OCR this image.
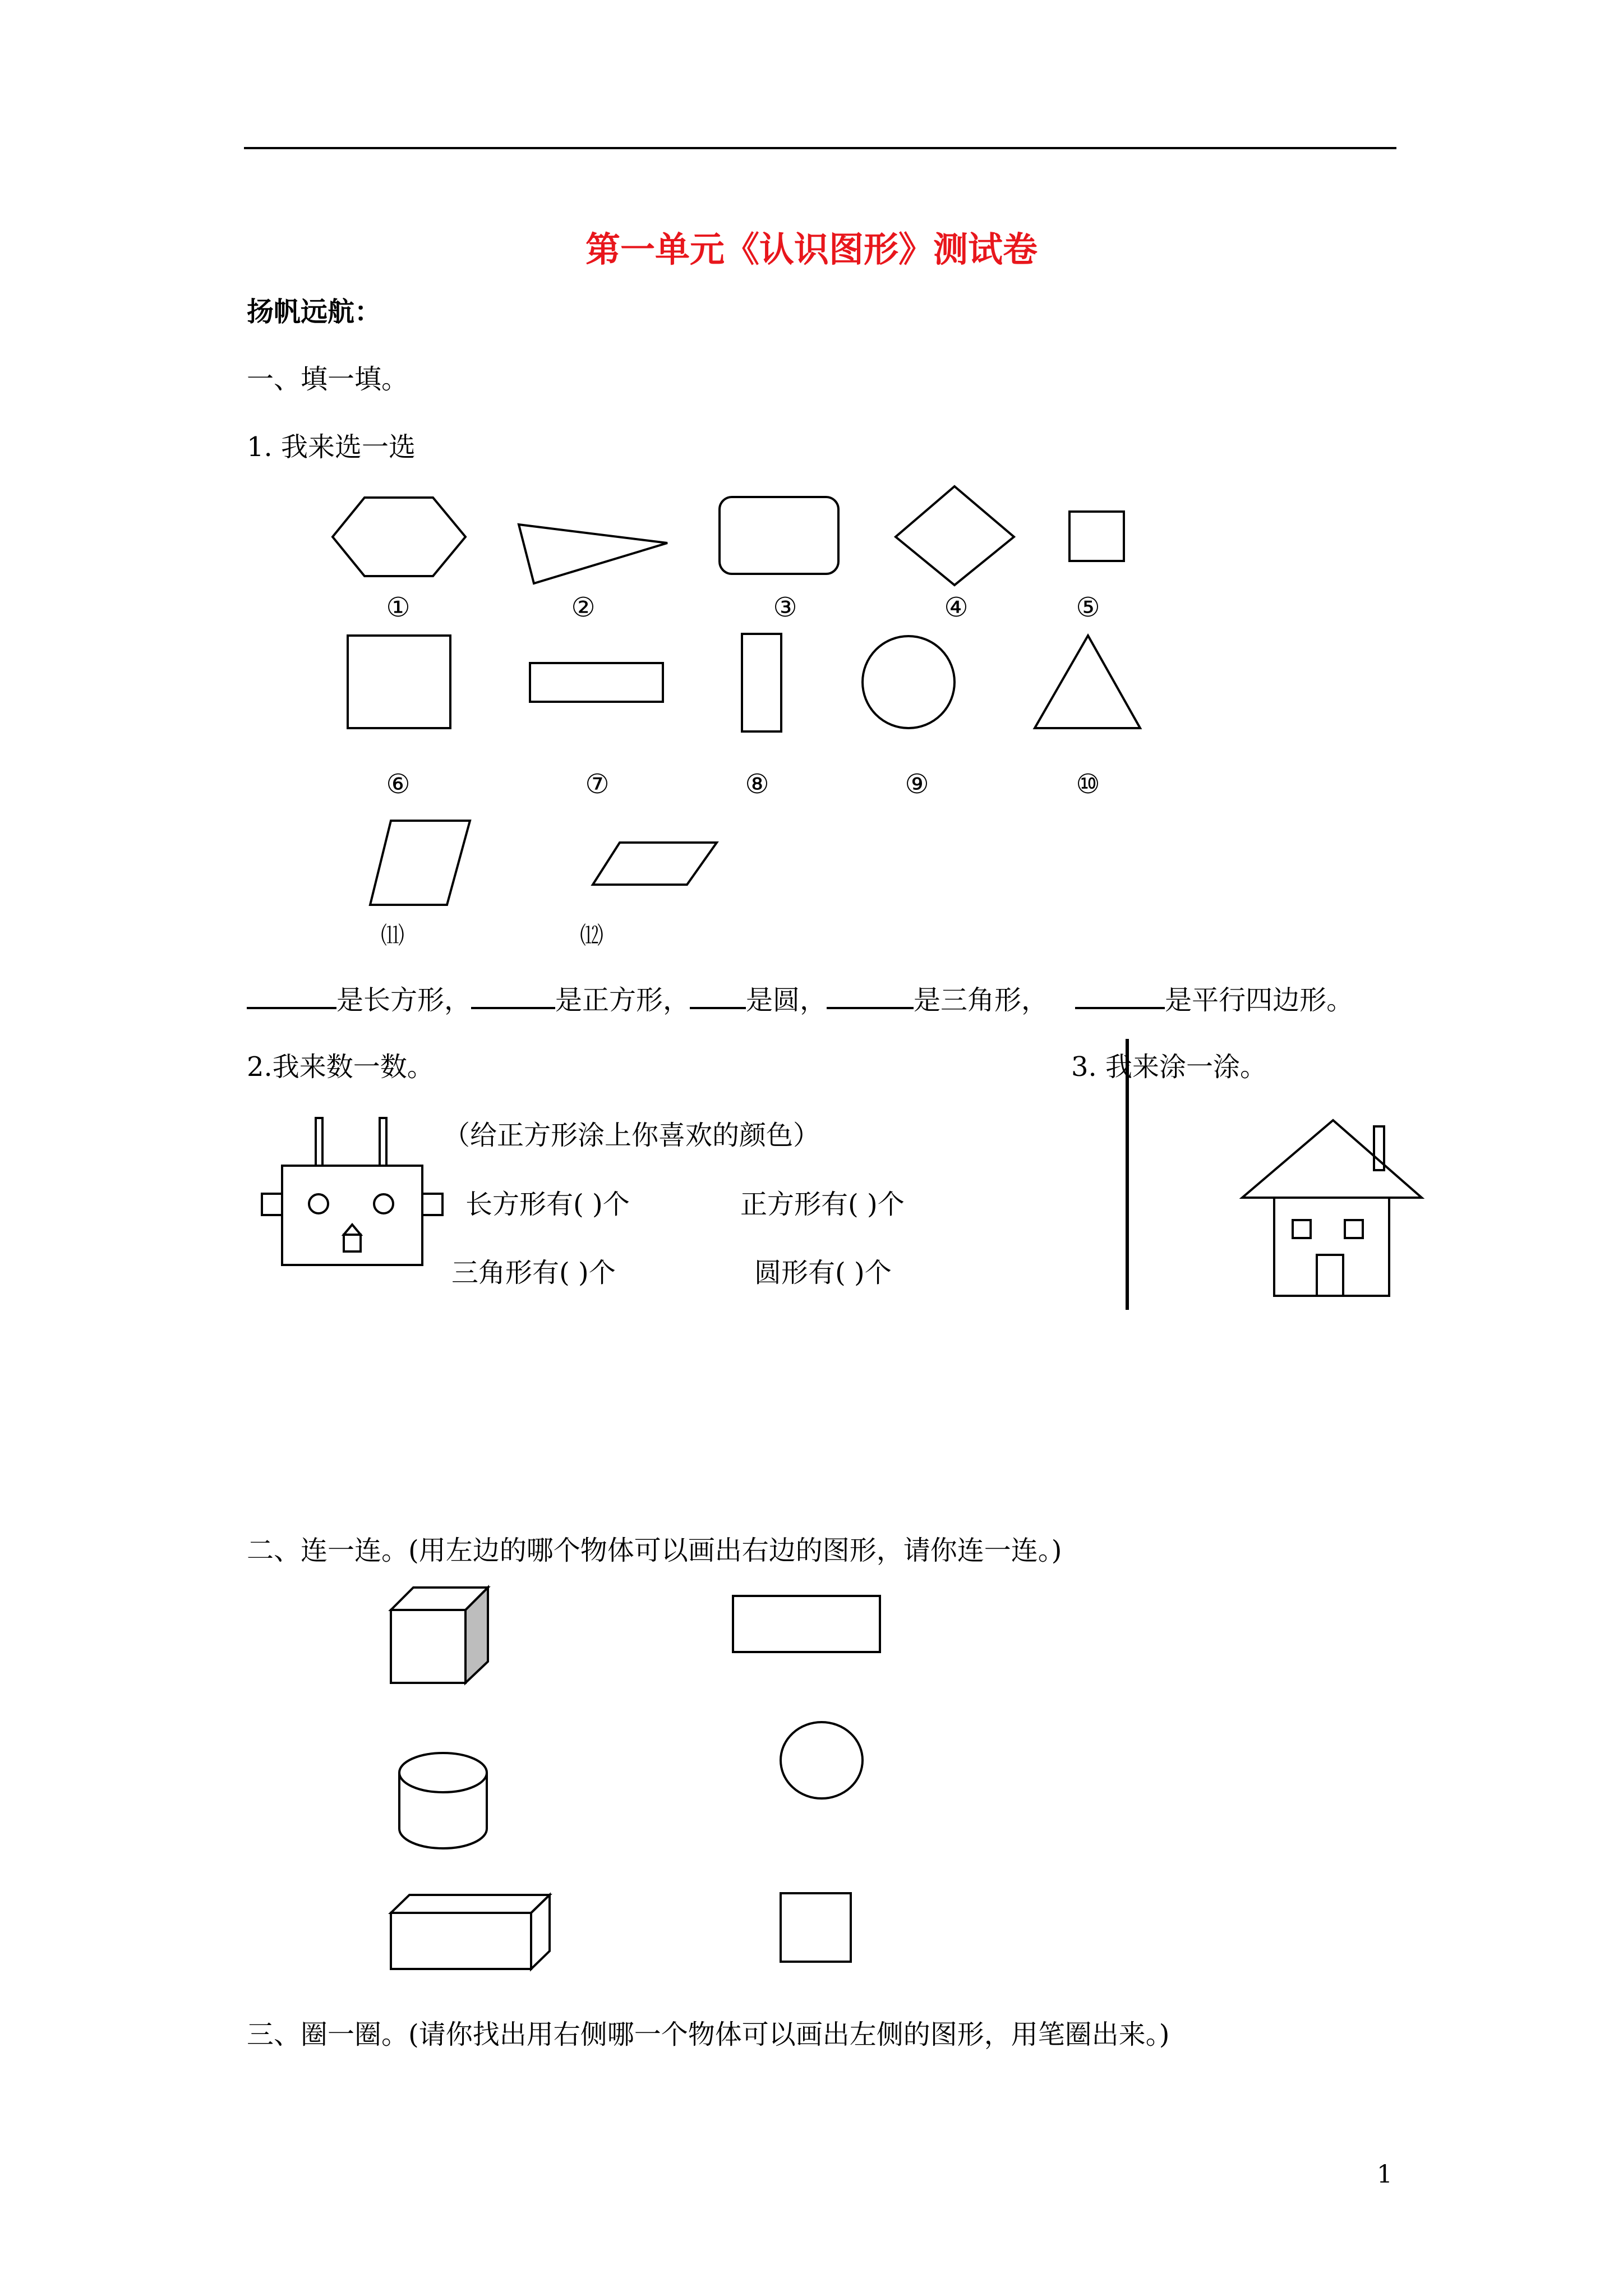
第一单元《认识图形》测试卷
扬帆远航：
一、填一填。
1. 我来选一选
①	②	③	④	⑤
⑥	⑦	⑧	⑨	⑩
⑾	⑿
是长方形，	是正方形， 是圆，	是三角形，	是平行四边形。
2.我来数一数。
（给正方形涂上你喜欢的颜色）
长方形有( )个	正方形有( )个
三角形有( )个	圆形有( )个
3. 我来涂一涂。
二、连一连。(用左边的哪个物体可以画出右边的图形，请你连一连。)
三、圈一圈。(请你找出用右侧哪一个物体可以画出左侧的图形，用笔圈出来。)
1
